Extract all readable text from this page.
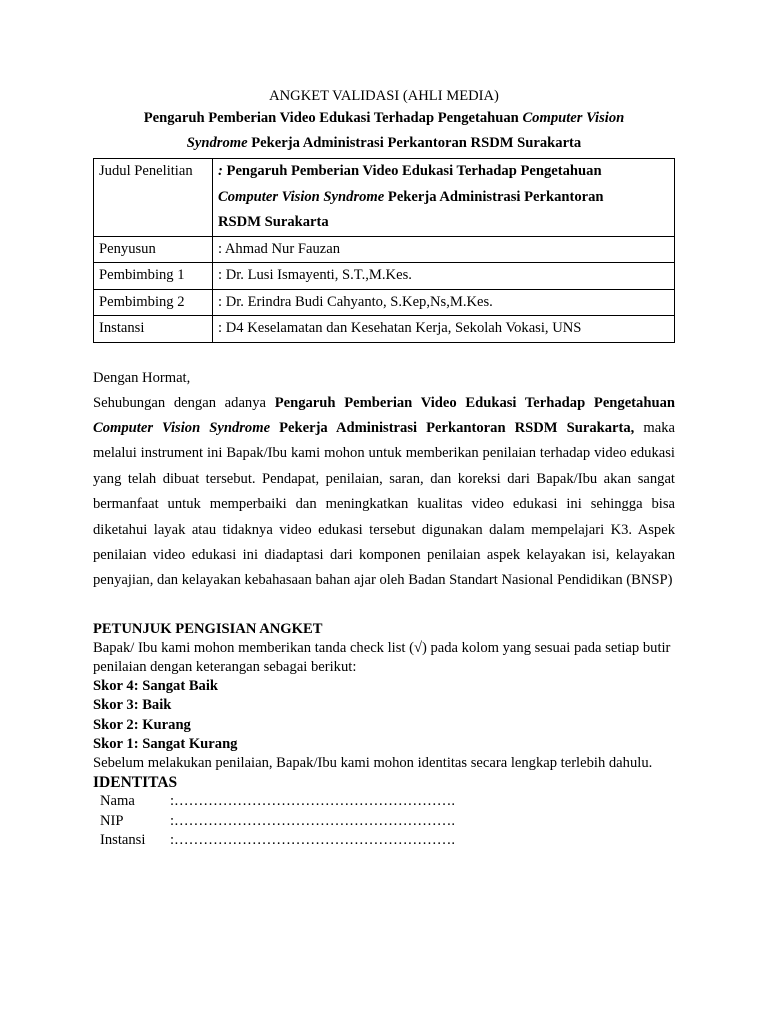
ANGKET VALIDASI (AHLI MEDIA)

Pengaruh Pemberian Video Edukasi Terhadap Pengetahuan Computer Vision
Syndrome Pekerja Administrasi Perkantoran RSDM Surakarta

Judul Penelitian	: Pengaruh Pemberian Video Edukasi Terhadap Pengetahuan
Computer Vision Syndrome Pekerja Administrasi Perkantoran
RSDM Surakarta
Penyusun	: Ahmad Nur Fauzan
Pembimbing 1	: Dr. Lusi Ismayenti, S.T.,M.Kes.
Pembimbing 2	: Dr. Erindra Budi Cahyanto, S.Kep,Ns,M.Kes.
Instansi	: D4 Keselamatan dan Kesehatan Kerja, Sekolah Vokasi, UNS

Dengan Hormat,

Sehubungan dengan adanya Pengaruh Pemberian Video Edukasi Terhadap Pengetahuan Computer Vision Syndrome Pekerja Administrasi Perkantoran RSDM Surakarta, maka melalui instrument ini Bapak/Ibu kami mohon untuk memberikan penilaian terhadap video edukasi yang telah dibuat tersebut. Pendapat, penilaian, saran, dan koreksi dari Bapak/Ibu akan sangat bermanfaat untuk memperbaiki dan meningkatkan kualitas video edukasi ini sehingga bisa diketahui layak atau tidaknya video edukasi tersebut digunakan dalam mempelajari K3. Aspek penilaian video edukasi ini diadaptasi dari komponen penilaian aspek kelayakan isi, kelayakan penyajian, dan kelayakan kebahasaan bahan ajar oleh Badan Standart Nasional Pendidikan (BNSP)

PETUNJUK PENGISIAN ANGKET

Bapak/ Ibu kami mohon memberikan tanda check list (√) pada kolom yang sesuai pada setiap butir penilaian dengan keterangan sebagai berikut:

Skor 4: Sangat Baik

Skor 3: Baik

Skor 2: Kurang

Skor 1: Sangat Kurang

Sebelum melakukan penilaian, Bapak/Ibu kami mohon identitas secara lengkap terlebih dahulu.

IDENTITAS

Nama	:………………………………………………….
NIP	:………………………………………………….
Instansi	:………………………………………………….
